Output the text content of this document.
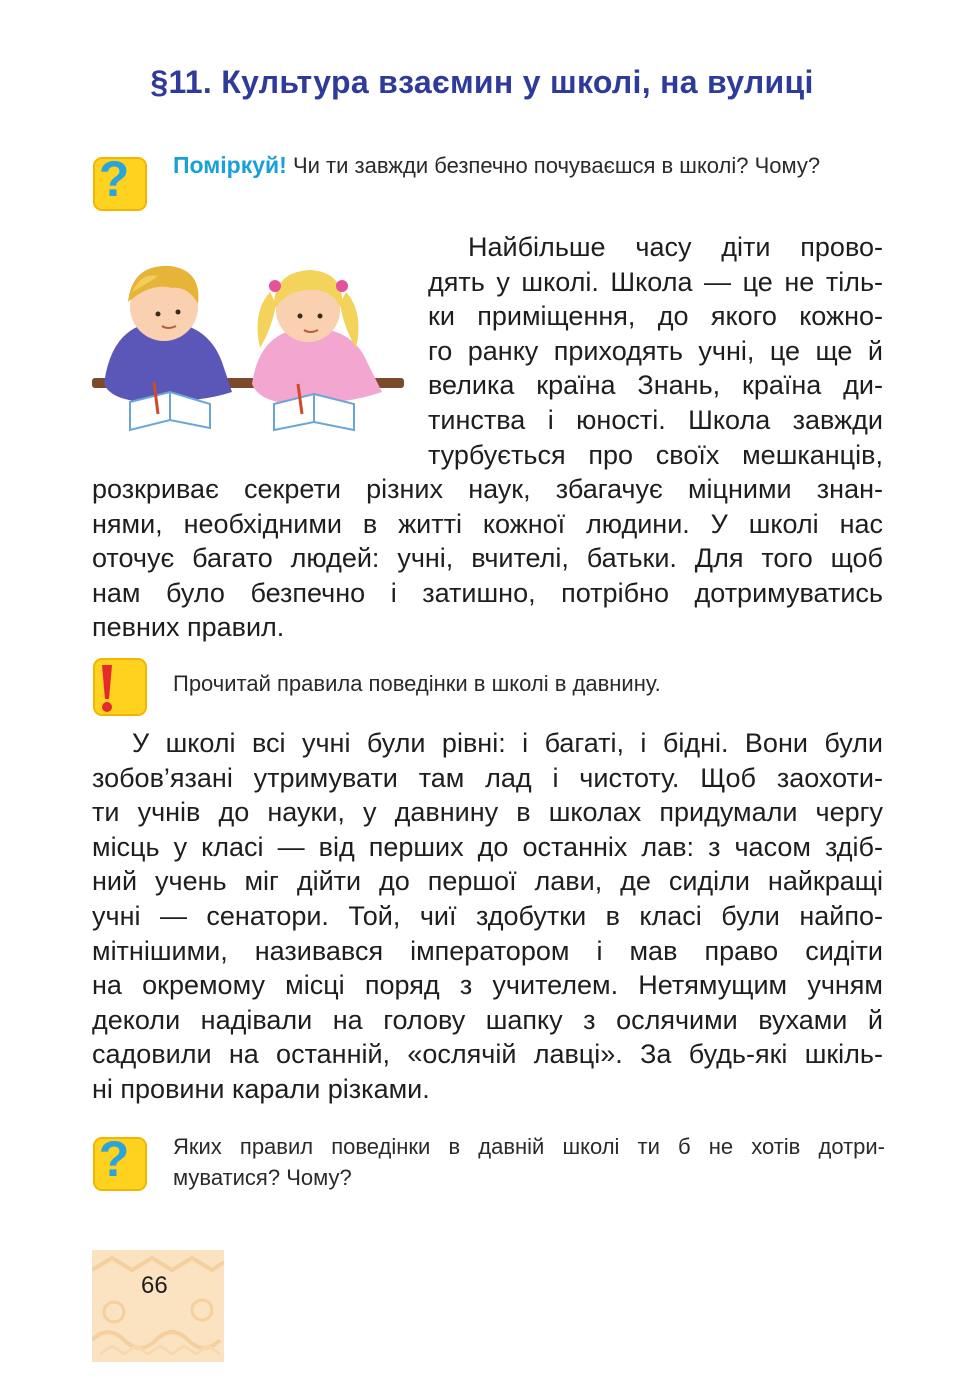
§11. Культура взаємин у школі, на вулиці
? Поміркуй! Чи ти завжди безпечно почуваєшся в школі? Чому?
Найбільше часу діти прово-
дять у школі. Школа — це не тіль-
ки приміщення, до якого кожно-
го ранку приходять учні, це ще й
велика країна Знань, країна ди-
тинства і юності. Школа завжди
турбується про своїх мешканців,
розкриває секрети різних наук, збагачує міцними знан-
нями, необхідними в житті кожної людини. У школі нас
оточує багато людей: учні, вчителі, батьки. Для того щоб
нам було безпечно і затишно, потрібно дотримуватись
певних правил.
Прочитай правила поведінки в школі в давнину.
У школі всі учні були рівні: і багаті, і бідні. Вони були
зобов’язані утримувати там лад і чистоту. Щоб заохоти-
ти учнів до науки, у давнину в школах придумали чергу
місць у класі — від перших до останніх лав: з часом здіб-
ний учень міг дійти до першої лави, де сиділи найкращі
учні — сенатори. Той, чиї здобутки в класі були найпо-
мітнішими, називався імператором і мав право сидіти
на окремому місці поряд з учителем. Нетямущим учням
деколи надівали на голову шапку з ослячими вухами й
садовили на останній, «ослячій лавці». За будь-які шкіль-
ні провини карали різками.
? Яких правил поведінки в давній школі ти б не хотів дотри-
муватися? Чому?
66
